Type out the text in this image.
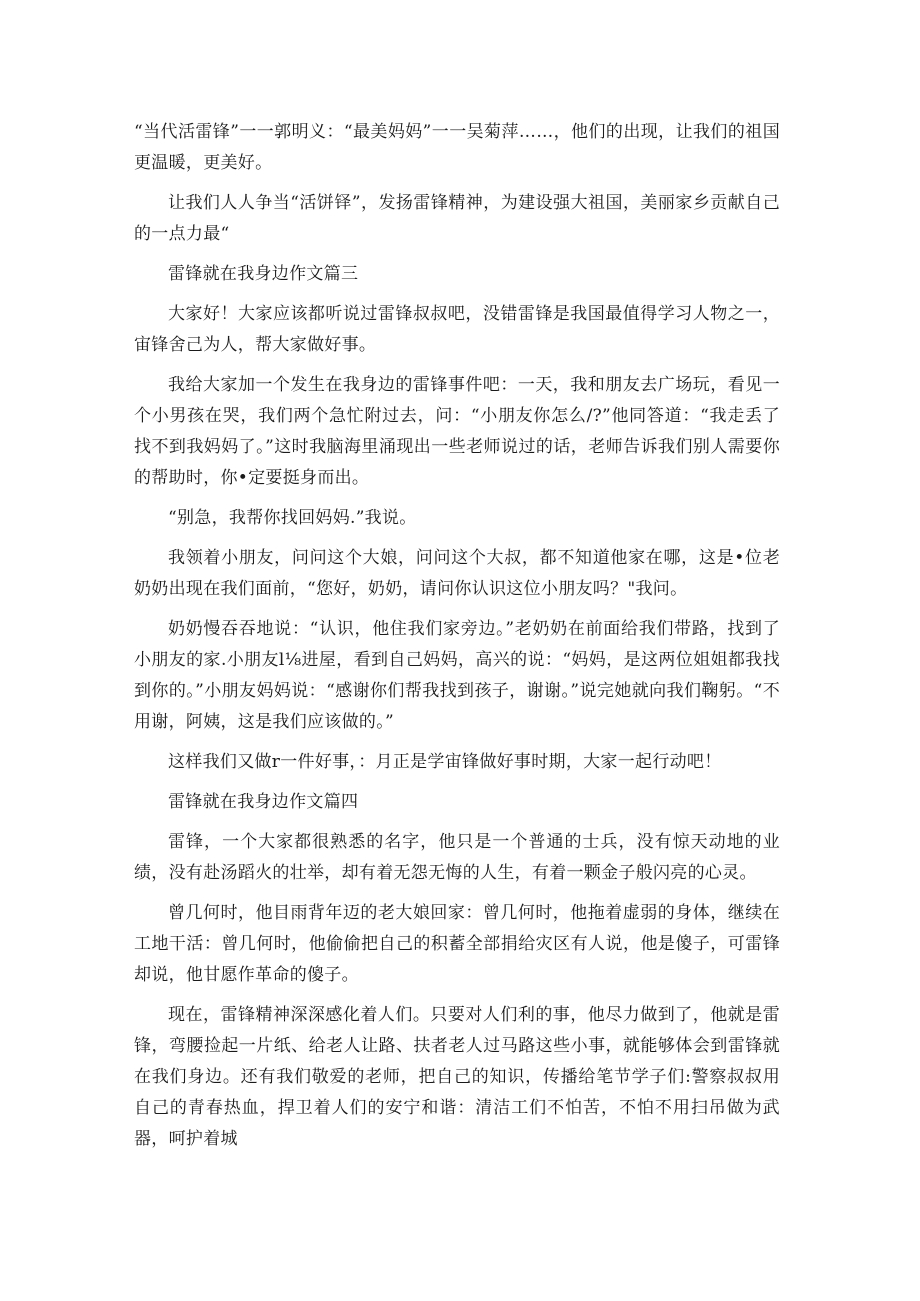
“当代活雷锋”一一郭明义：“最美妈妈”一一吴菊萍……，他们的出现，让我们的祖国更温暖，更美好。

让我们人人争当“活饼铎”，发扬雷锋精神，为建设强大祖国，美丽家乡贡献自己的一点力最“

雷锋就在我身边作文篇三

大家好！大家应该都听说过雷锋叔叔吧，没错雷锋是我国最值得学习人物之一，宙锋舍己为人，帮大家做好事。

我给大家加一个发生在我身边的雷锋事件吧：一天，我和朋友去广场玩，看见一个小男孩在哭，我们两个急忙附过去，问：“小朋友你怎么/?”他同答道：“我走丢了找不到我妈妈了。”这时我脑海里涌现出一些老师说过的话，老师告诉我们别人需要你的帮助时，你•定要挺身而出。

“别急，我帮你找回妈妈.”我说。

我领着小朋友，问问这个大娘，问问这个大叔，都不知道他家在哪，这是•位老奶奶出现在我们面前，“您好，奶奶，请问你认识这位小朋友吗？"我问。

奶奶慢吞吞地说：“认识，他住我们家旁边。”老奶奶在前面给我们带路，找到了小朋友的家.小朋友l⅛进屋，看到自己妈妈，高兴的说：“妈妈，是这两位姐姐都我找到你的。”小朋友妈妈说：“感谢你们帮我找到孩子，谢谢。”说完她就向我们鞠躬。“不用谢，阿姨，这是我们应该做的。”

这样我们又做r一件好事，：月正是学宙锋做好事时期，大家一起行动吧！

雷锋就在我身边作文篇四

雷锋，一个大家都很熟悉的名字，他只是一个普通的士兵，没有惊天动地的业绩，没有赴汤蹈火的壮举，却有着无怨无悔的人生，有着一颗金子般闪亮的心灵。

曾几何时，他目雨背年迈的老大娘回家：曾几何时，他拖着虚弱的身体，继续在工地干活：曾几何时，他偷偷把自己的积蓄全部捐给灾区有人说，他是傻子，可雷锋却说，他甘愿作革命的傻子。

现在，雷锋精神深深感化着人们。只要对人们利的事，他尽力做到了，他就是雷锋，弯腰捡起一片纸、给老人让路、扶者老人过马路这些小事，就能够体会到雷锋就在我们身边。还有我们敬爱的老师，把自己的知识，传播给笔节学子们:警察叔叔用自己的青春热血，捍卫着人们的安宁和谐：清洁工们不怕苦，不怕不用扫吊做为武器，呵护着城
